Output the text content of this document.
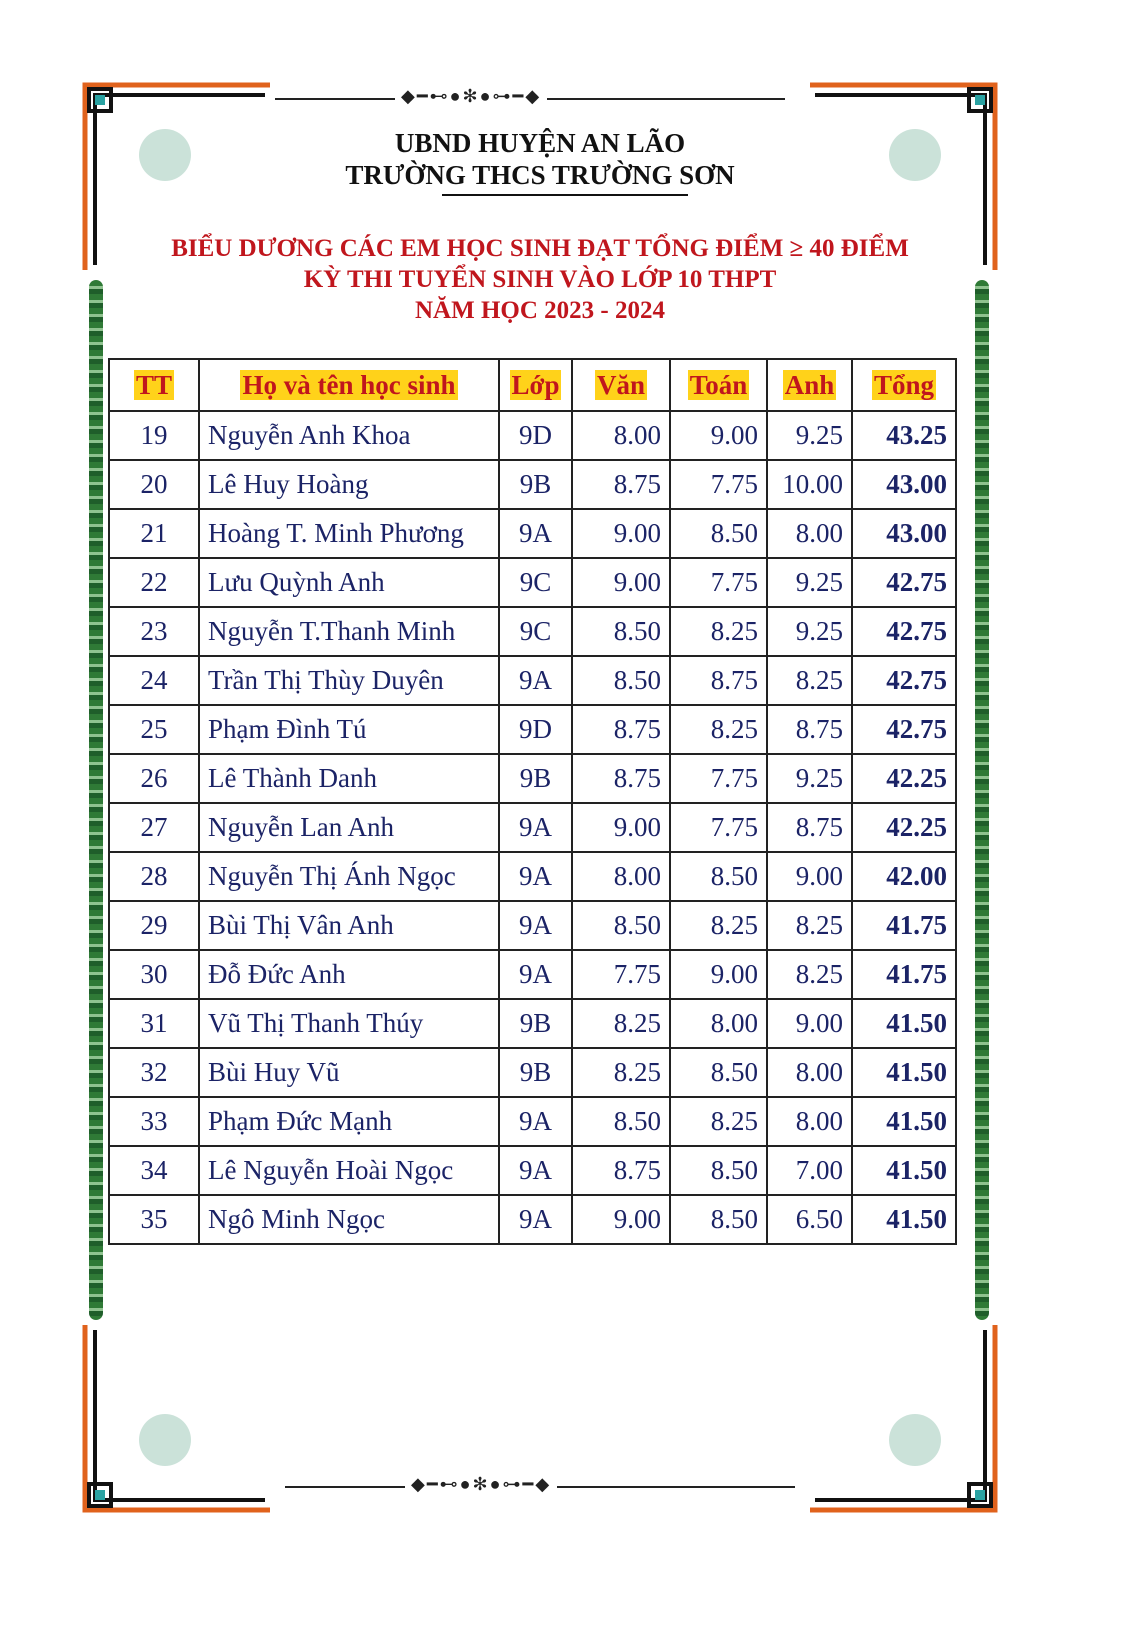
◆━⊷●✻●⊶━◆
◆━⊷●✻●⊶━◆
UBND HUYỆN AN LÃO
TRƯỜNG THCS TRƯỜNG SƠN
BIỂU DƯƠNG CÁC EM HỌC SINH ĐẠT TỔNG ĐIỂM ≥ 40 ĐIỂM
KỲ THI TUYỂN SINH VÀO LỚP 10 THPT
NĂM HỌC 2023 - 2024
TT	Họ và tên học sinh	Lớp	Văn	Toán	Anh	Tổng
19	Nguyễn Anh Khoa	9D	8.00	9.00	9.25	43.25
20	Lê Huy Hoàng	9B	8.75	7.75	10.00	43.00
21	Hoàng T. Minh Phương	9A	9.00	8.50	8.00	43.00
22	Lưu Quỳnh Anh	9C	9.00	7.75	9.25	42.75
23	Nguyễn T.Thanh Minh	9C	8.50	8.25	9.25	42.75
24	Trần Thị Thùy Duyên	9A	8.50	8.75	8.25	42.75
25	Phạm Đình Tú	9D	8.75	8.25	8.75	42.75
26	Lê Thành Danh	9B	8.75	7.75	9.25	42.25
27	Nguyễn Lan Anh	9A	9.00	7.75	8.75	42.25
28	Nguyễn Thị Ánh Ngọc	9A	8.00	8.50	9.00	42.00
29	Bùi Thị Vân Anh	9A	8.50	8.25	8.25	41.75
30	Đỗ Đức Anh	9A	7.75	9.00	8.25	41.75
31	Vũ Thị Thanh Thúy	9B	8.25	8.00	9.00	41.50
32	Bùi Huy Vũ	9B	8.25	8.50	8.00	41.50
33	Phạm Đức Mạnh	9A	8.50	8.25	8.00	41.50
34	Lê Nguyễn Hoài Ngọc	9A	8.75	8.50	7.00	41.50
35	Ngô Minh Ngọc	9A	9.00	8.50	6.50	41.50
